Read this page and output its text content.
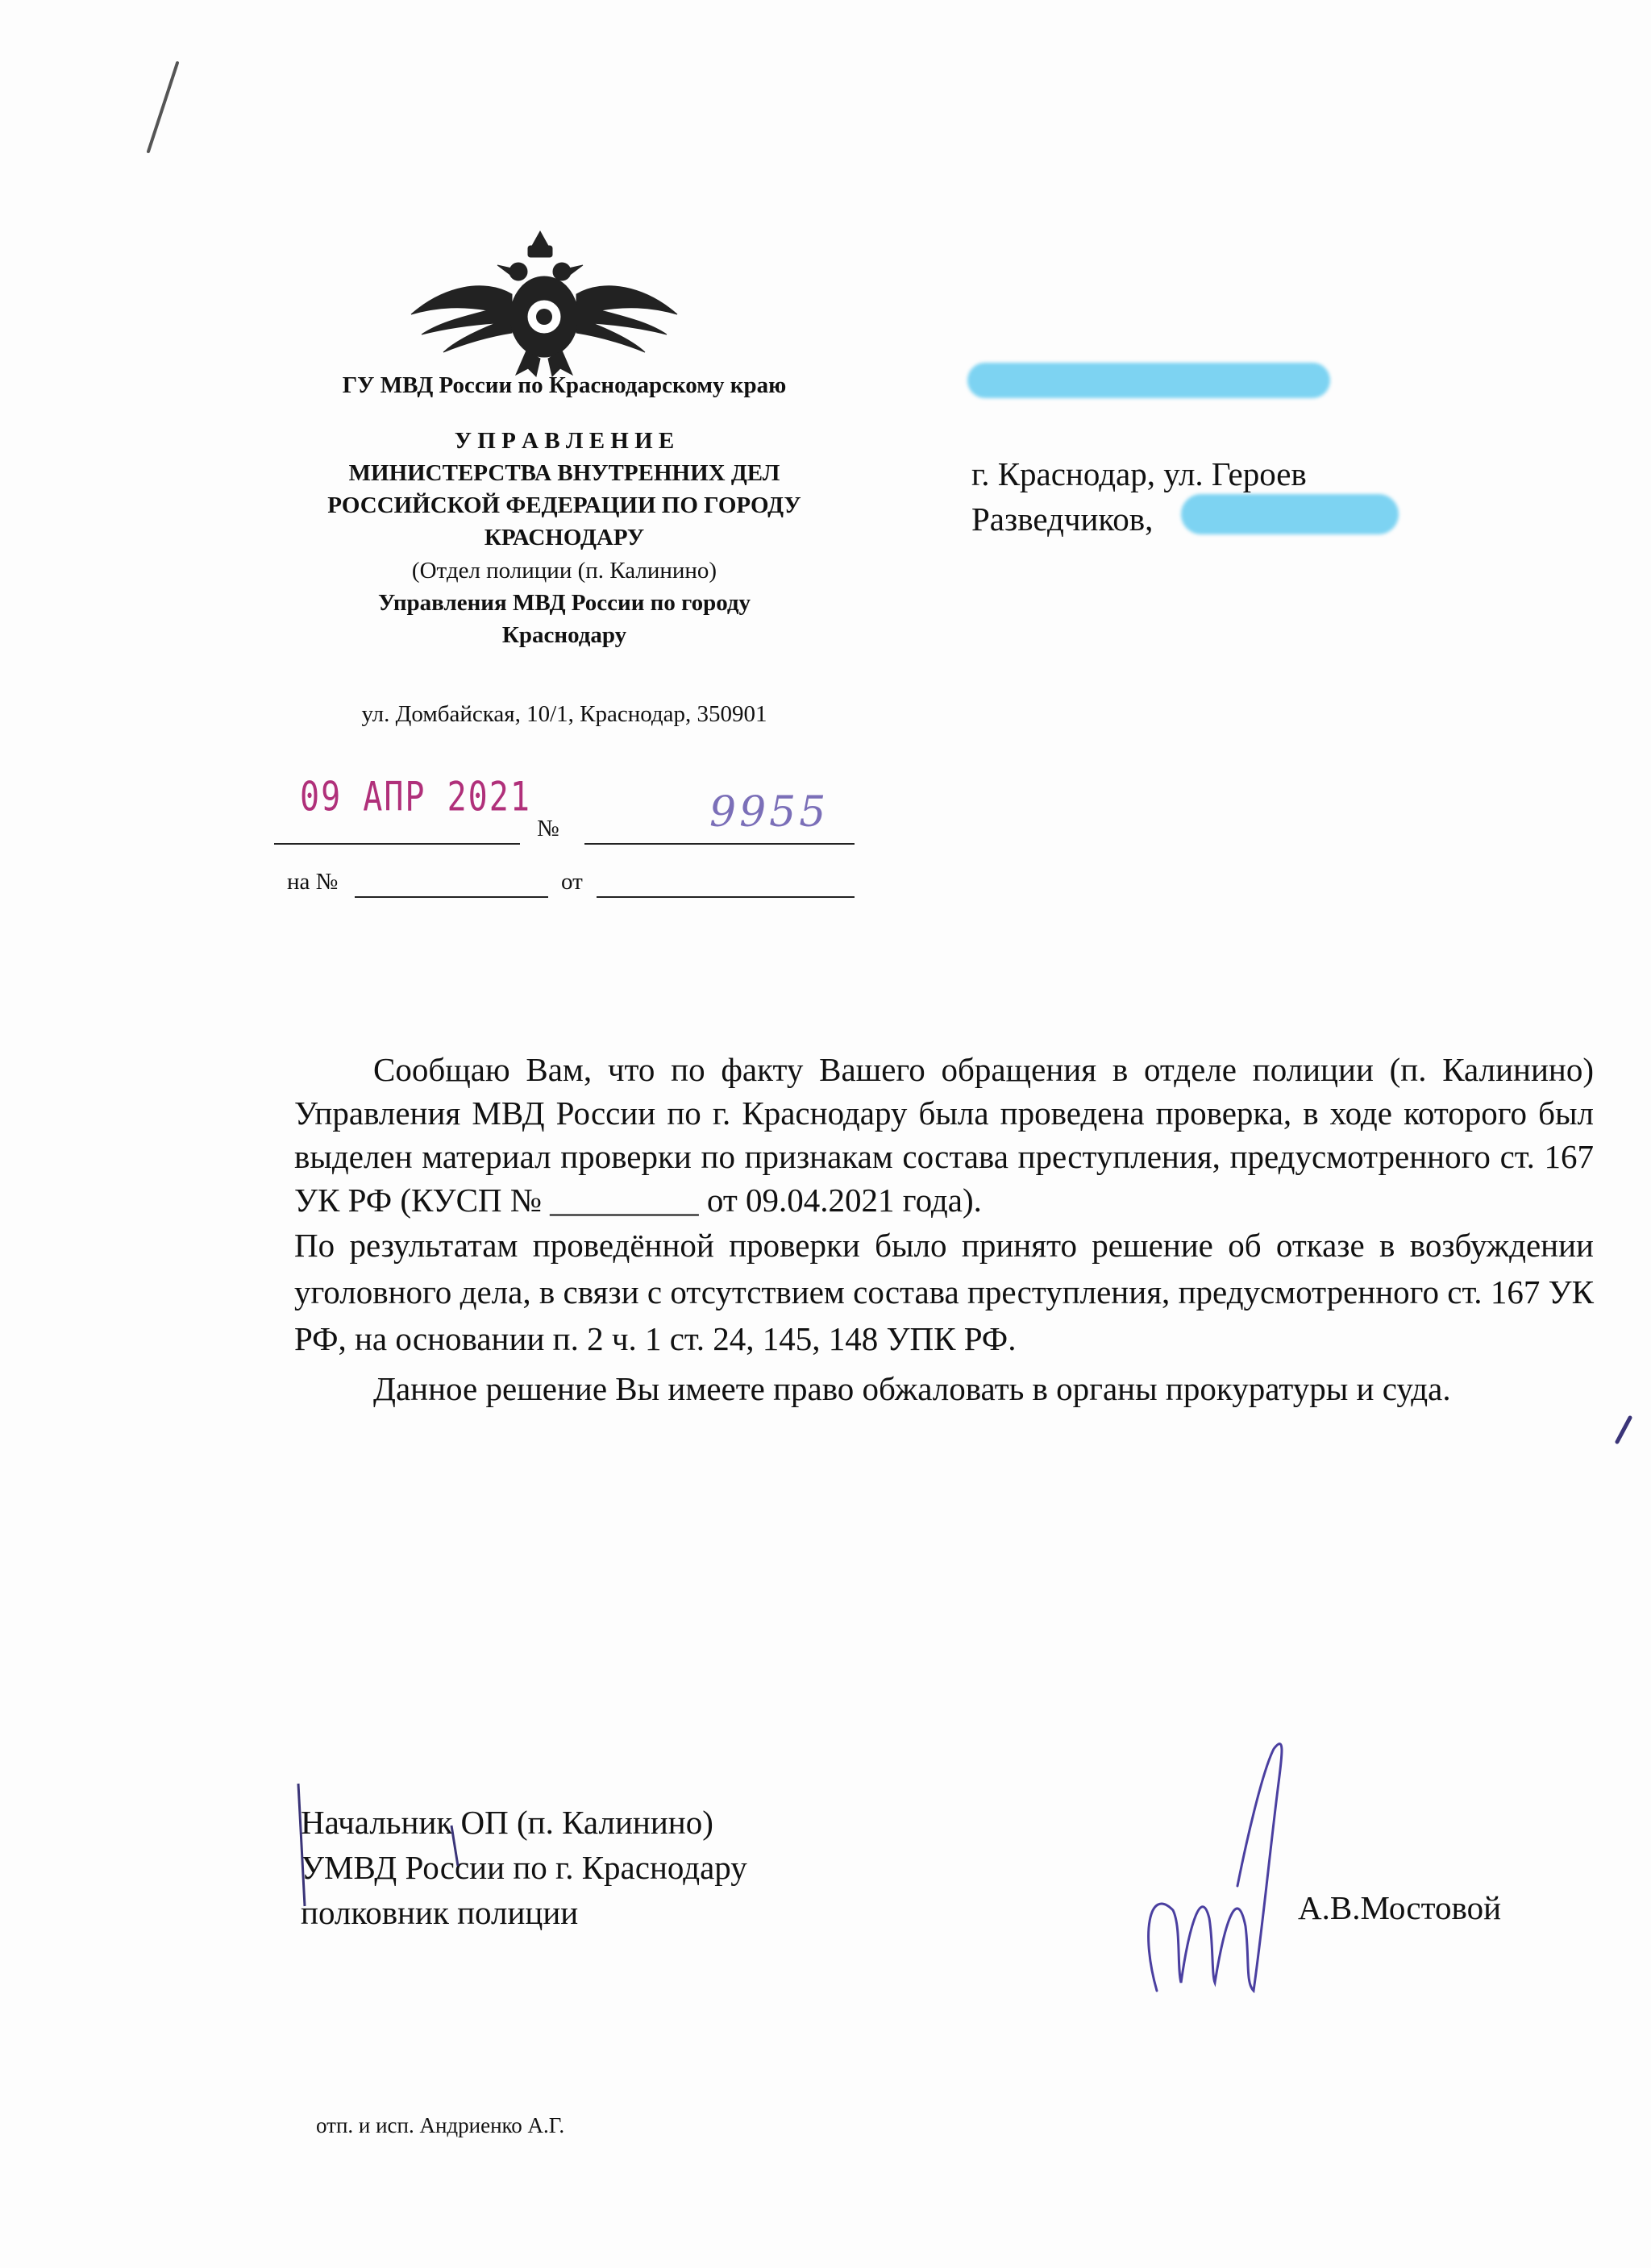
ГУ МВД России по Краснодарскому краю
У П Р А В Л Е Н И Е
МИНИСТЕРСТВА ВНУТРЕННИХ ДЕЛ
РОССИЙСКОЙ ФЕДЕРАЦИИ ПО ГОРОДУ
КРАСНОДАРУ
(Отдел полиции (п. Калинино)
Управления МВД России по городу
Краснодару
ул. Домбайская, 10/1, Краснодар, 350901
г. Краснодар, ул. Героев
Разведчиков,
09 АПР 2021
№	9955
на №	от

Сообщаю Вам, что по факту Вашего обращения в отделе полиции (п. Калинино) Управления МВД России по г. Краснодару была проведена проверка, в ходе которого был выделен материал проверки по признакам состава преступления, предусмотренного ст. 167 УК РФ (КУСП № _________ от 09.04.2021 года).

По результатам проведённой проверки было принято решение об отказе в возбуждении уголовного дела, в связи с отсутствием состава преступления, предусмотренного ст. 167 УК РФ, на основании п. 2 ч. 1 ст. 24, 145, 148 УПК РФ.

Данное решение Вы имеете право обжаловать в органы прокуратуры и суда.

Начальник ОП (п. Калинино)
УМВД России по г. Краснодару
полковник полиции	А.В.Мостовой
отп. и исп. Андриенко А.Г.
